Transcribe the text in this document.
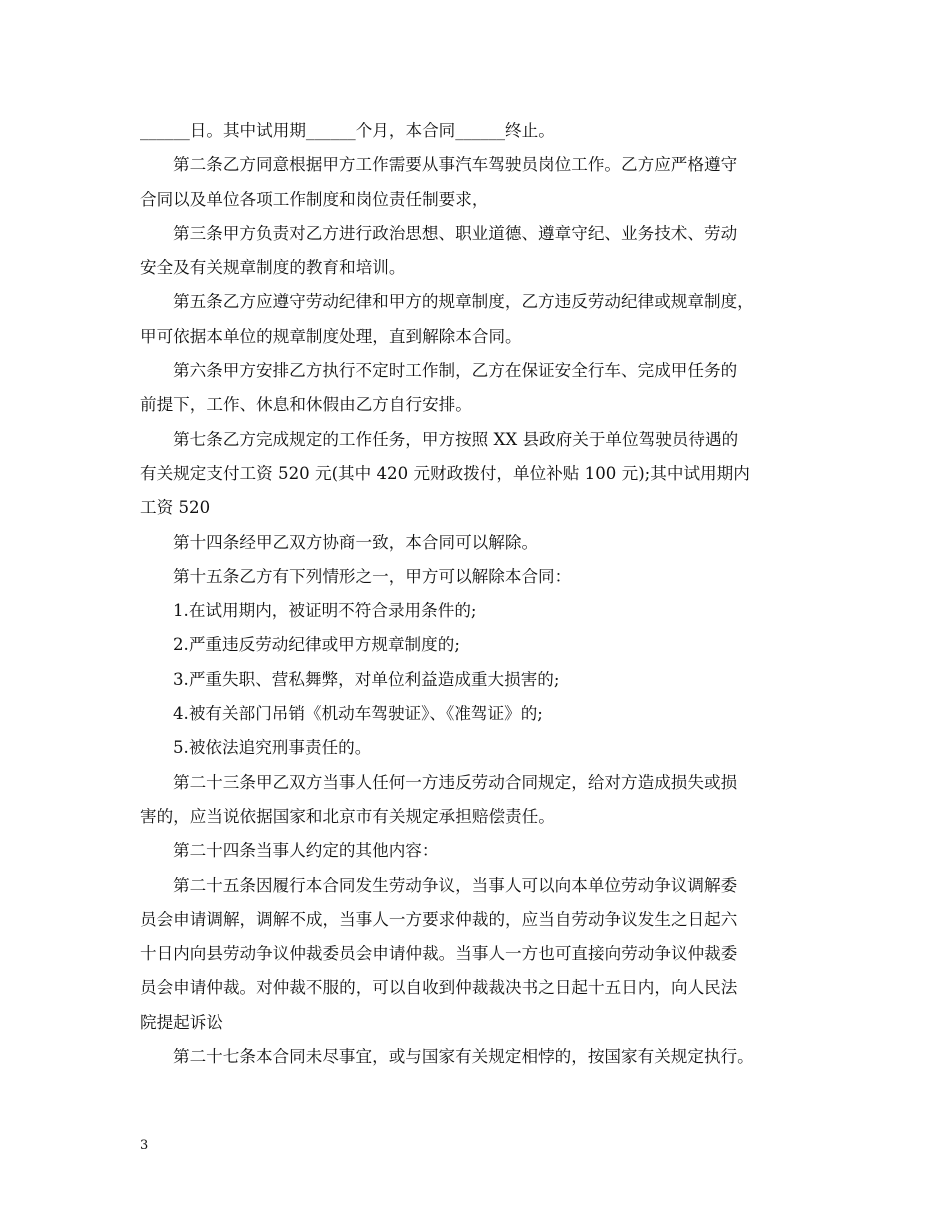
______日。其中试用期______个月，本合同______终止。
第二条乙方同意根据甲方工作需要从事汽车驾驶员岗位工作。乙方应严格遵守
合同以及单位各项工作制度和岗位责任制要求，
第三条甲方负责对乙方进行政治思想、职业道德、遵章守纪、业务技术、劳动
安全及有关规章制度的教育和培训。
第五条乙方应遵守劳动纪律和甲方的规章制度，乙方违反劳动纪律或规章制度，
甲可依据本单位的规章制度处理，直到解除本合同。
第六条甲方安排乙方执行不定时工作制，乙方在保证安全行车、完成甲任务的
前提下，工作、休息和休假由乙方自行安排。
第七条乙方完成规定的工作任务，甲方按照 XX 县政府关于单位驾驶员待遇的
有关规定支付工资 520 元(其中 420 元财政拨付，单位补贴 100 元);其中试用期内
工资 520
第十四条经甲乙双方协商一致，本合同可以解除。
第十五条乙方有下列情形之一，甲方可以解除本合同：
1.在试用期内，被证明不符合录用条件的;
2.严重违反劳动纪律或甲方规章制度的;
3.严重失职、营私舞弊，对单位利益造成重大损害的;
4.被有关部门吊销《机动车驾驶证》、《准驾证》的;
5.被依法追究刑事责任的。
第二十三条甲乙双方当事人任何一方违反劳动合同规定，给对方造成损失或损
害的，应当说依据国家和北京市有关规定承担赔偿责任。
第二十四条当事人约定的其他内容：
第二十五条因履行本合同发生劳动争议，当事人可以向本单位劳动争议调解委
员会申请调解，调解不成，当事人一方要求仲裁的，应当自劳动争议发生之日起六
十日内向县劳动争议仲裁委员会申请仲裁。当事人一方也可直接向劳动争议仲裁委
员会申请仲裁。对仲裁不服的，可以自收到仲裁裁决书之日起十五日内，向人民法
院提起诉讼
第二十七条本合同未尽事宜，或与国家有关规定相悖的，按国家有关规定执行。
3
